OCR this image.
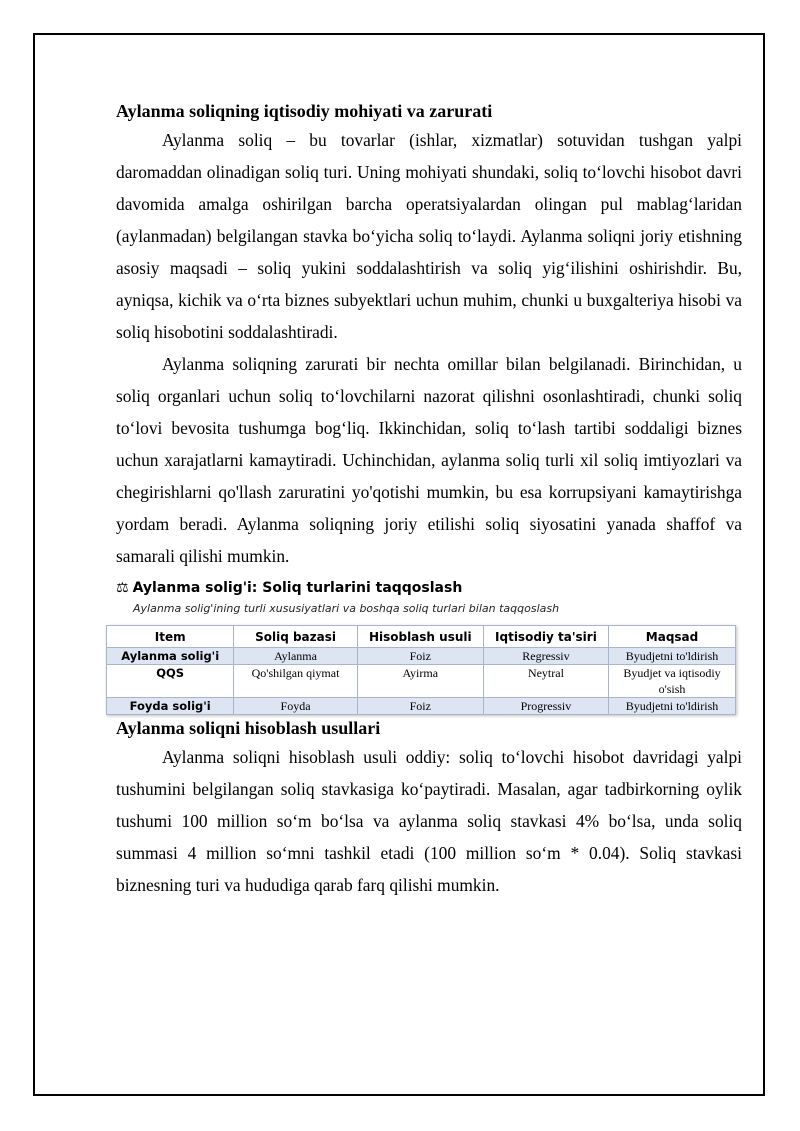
Aylanma soliqning iqtisodiy mohiyati va zarurati

Aylanma soliq – bu tovarlar (ishlar, xizmatlar) sotuvidan tushgan yalpi daromaddan olinadigan soliq turi. Uning mohiyati shundaki, soliq to‘lovchi hisobot davri davomida amalga oshirilgan barcha operatsiyalardan olingan pul mablag‘laridan (aylanmadan) belgilangan stavka bo‘yicha soliq to‘laydi. Aylanma soliqni joriy etishning asosiy maqsadi – soliq yukini soddalashtirish va soliq yig‘ilishini oshirishdir. Bu, ayniqsa, kichik va o‘rta biznes subyektlari uchun muhim, chunki u buxgalteriya hisobi va soliq hisobotini soddalashtiradi.

Aylanma soliqning zarurati bir nechta omillar bilan belgilanadi. Birinchidan, u soliq organlari uchun soliq to‘lovchilarni nazorat qilishni osonlashtiradi, chunki soliq to‘lovi bevosita tushumga bog‘liq. Ikkinchidan, soliq to‘lash tartibi soddaligi biznes uchun xarajatlarni kamaytiradi. Uchinchidan, aylanma soliq turli xil soliq imtiyozlari va chegirishlarni qo'llash zaruratini yo'qotishi mumkin, bu esa korrupsiyani kamaytirishga yordam beradi. Aylanma soliqning joriy etilishi soliq siyosatini yanada shaffof va samarali qilishi mumkin.

⚖ Aylanma solig'i: Soliq turlarini taqqoslash
Aylanma solig'ining turli xususiyatlari va boshqa soliq turlari bilan taqqoslash
Item	Soliq bazasi	Hisoblash usuli	Iqtisodiy ta'siri	Maqsad
Aylanma solig'i	Aylanma	Foiz	Regressiv	Byudjetni to'ldirish
QQS	Qo'shilgan qiymat	Ayirma	Neytral	Byudjet va iqtisodiy o'sish
Foyda solig'i	Foyda	Foiz	Progressiv	Byudjetni to'ldirish
Aylanma soliqni hisoblash usullari

Aylanma soliqni hisoblash usuli oddiy: soliq to‘lovchi hisobot davridagi yalpi tushumini belgilangan soliq stavkasiga ko‘paytiradi. Masalan, agar tadbirkorning oylik tushumi 100 million so‘m bo‘lsa va aylanma soliq stavkasi 4% bo‘lsa, unda soliq summasi 4 million so‘mni tashkil etadi (100 million so‘m * 0.04). Soliq stavkasi biznesning turi va hududiga qarab farq qilishi mumkin.
